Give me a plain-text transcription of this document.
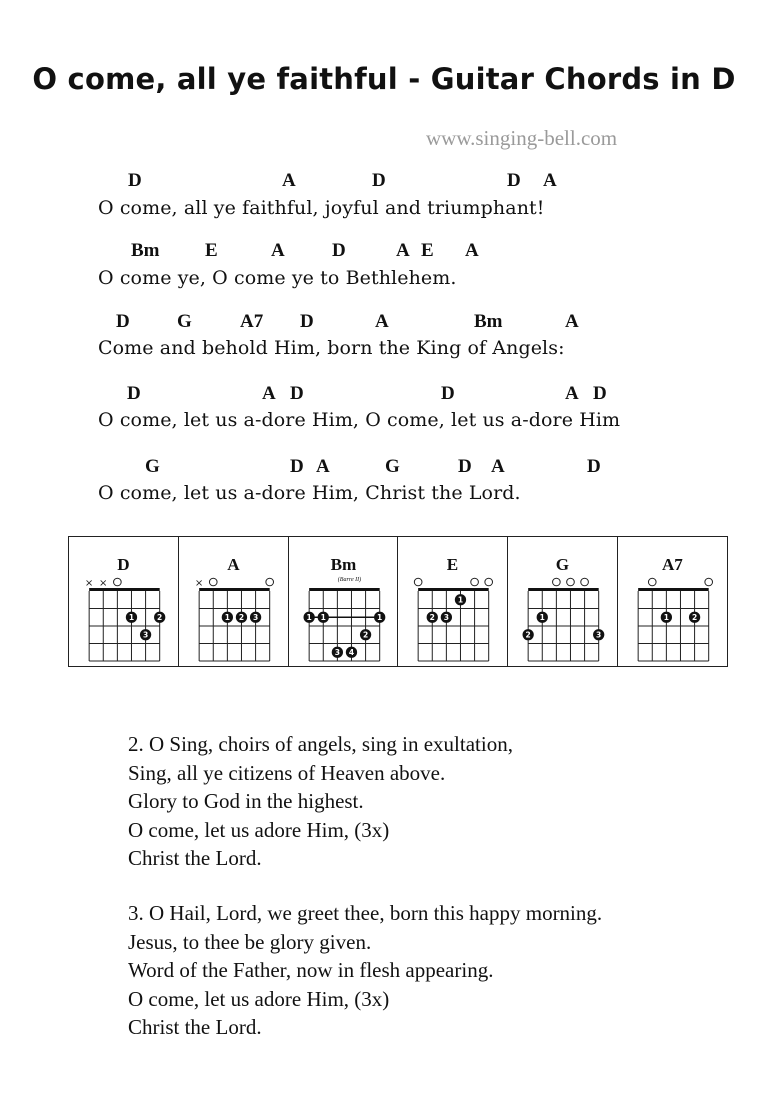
O come, all ye faithful - Guitar Chords in D
www.singing-bell.com
D	A	D	D A
O come, all ye faithful, joyful and triumphant!
Bm E	A D	A E A
O come ye, O come ye to Bethlehem.
D G	A7 D	A	Bm	A
Come and behold Him, born the King of Angels:
D	A D	D	A D
O come, let us a-dore Him, O come, let us a-dore Him
G	D A	G	D A	D
O come, let us a-dore Him, Christ the Lord.
D
× ×
1	2
3
A
×
1 2 3
Bm
(Barre II)
1 1	1
2
3 4
E
1
2 3
G
1
2	3
A7
1	2
2. O Sing, choirs of angels, sing in exultation,
Sing, all ye citizens of Heaven above.
Glory to God in the highest.
O come, let us adore Him, (3x)
Christ the Lord.
3. O Hail, Lord, we greet thee, born this happy morning.
Jesus, to thee be glory given.
Word of the Father, now in flesh appearing.
O come, let us adore Him, (3x)
Christ the Lord.
